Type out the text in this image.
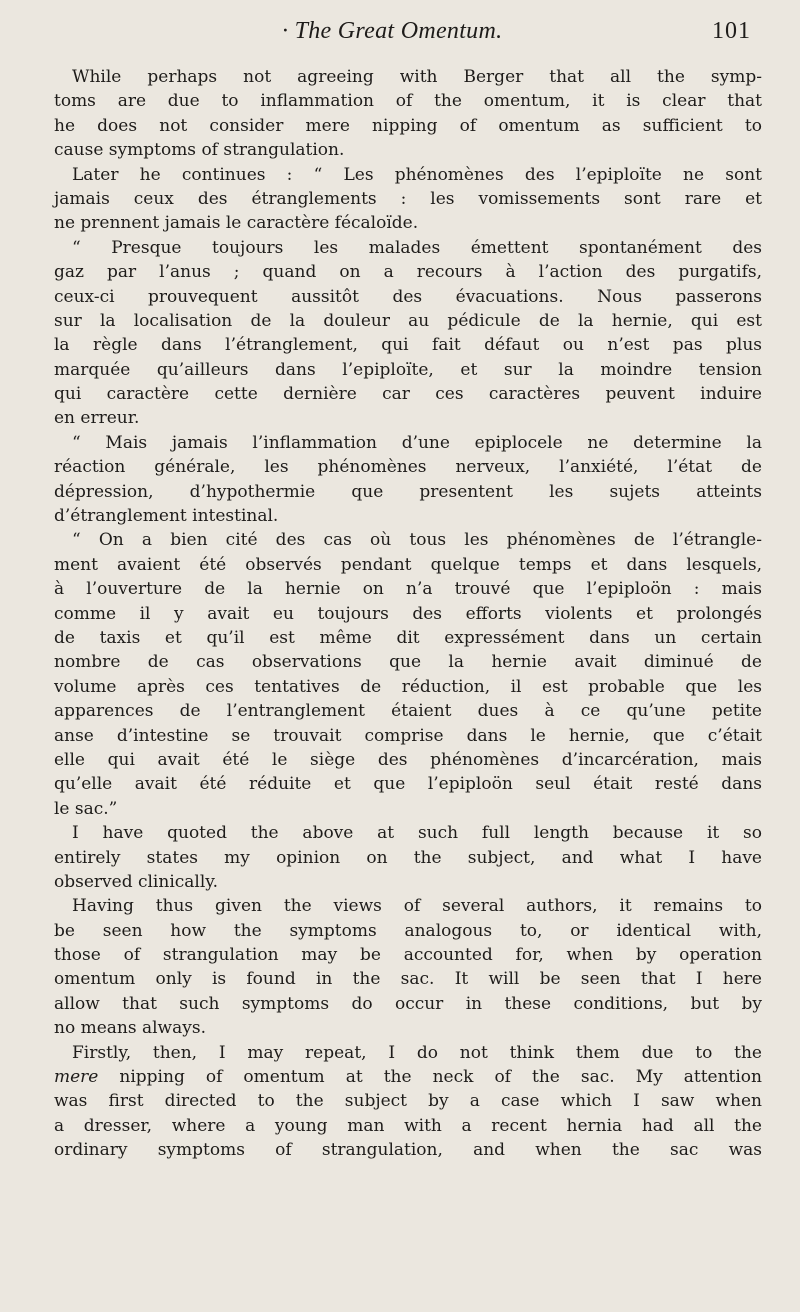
· The Great Omentum.	101
While perhaps not agreeing with Berger that all the symp-
toms are due to inflammation of the omentum, it is clear that
he does not consider mere nipping of omentum as sufficient to
cause symptoms of strangulation.
Later he continues : “ Les phénomènes des l’epiploïte ne sont
jamais ceux des étranglements : les vomissements sont rare et
ne prennent jamais le caractère fécaloïde.
“ Presque toujours les malades émettent spontanément des
gaz par l’anus ; quand on a recours à l’action des purgatifs,
ceux-ci prouvequent aussitôt des évacuations. Nous passerons
sur la localisation de la douleur au pédicule de la hernie, qui est
la règle dans l’étranglement, qui fait défaut ou n’est pas plus
marquée qu’ailleurs dans l’epiploïte, et sur la moindre tension
qui caractère cette dernière car ces caractères peuvent induire
en erreur.
“ Mais jamais l’inflammation d’une epiplocele ne determine la
réaction générale, les phénomènes nerveux, l’anxiété, l’état de
dépression, d’hypothermie que presentent les sujets atteints
d’étranglement intestinal.
“ On a bien cité des cas où tous les phénomènes de l’étrangle-
ment avaient été observés pendant quelque temps et dans lesquels,
à l’ouverture de la hernie on n’a trouvé que l’epiploön : mais
comme il y avait eu toujours des efforts violents et prolongés
de taxis et qu’il est même dit expressément dans un certain
nombre de cas observations que la hernie avait diminué de
volume après ces tentatives de réduction, il est probable que les
apparences de l’entranglement étaient dues à ce qu’une petite
anse d’intestine se trouvait comprise dans le hernie, que c’était
elle qui avait été le siège des phénomènes d’incarcération, mais
qu’elle avait été réduite et que l’epiploön seul était resté dans
le sac.”
I have quoted the above at such full length because it so
entirely states my opinion on the subject, and what I have
observed clinically.
Having thus given the views of several authors, it remains to
be seen how the symptoms analogous to, or identical with,
those of strangulation may be accounted for, when by operation
omentum only is found in the sac. It will be seen that I here
allow that such symptoms do occur in these conditions, but by
no means always.
Firstly, then, I may repeat, I do not think them due to the
mere nipping of omentum at the neck of the sac. My attention
was first directed to the subject by a case which I saw when
a dresser, where a young man with a recent hernia had all the
ordinary symptoms of strangulation, and when the sac was
